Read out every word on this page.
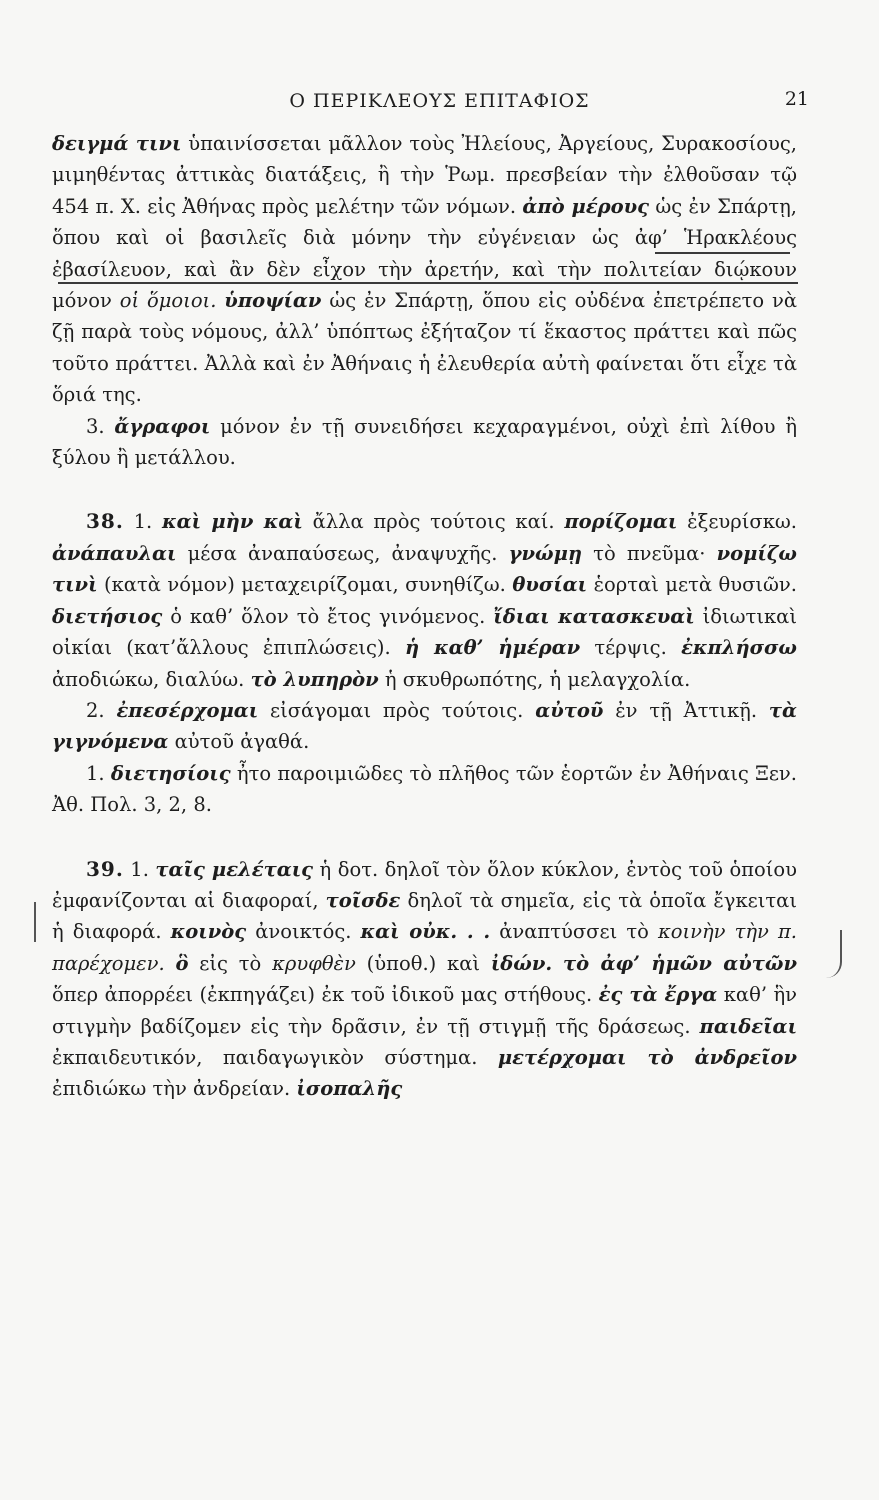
Ο ΠΕΡΙΚΛΕΟΥΣ ΕΠΙΤΑΦΙΟΣ	21

δειγμά τινι ὑπαινίσσεται μᾶλλον τοὺς Ἠλείους, Ἀργείους, Συρακοσίους, μιμηθέντας ἀττικὰς διατάξεις, ἢ τὴν Ῥωμ. πρεσβείαν τὴν ἐλθοῦσαν τῷ 454 π. Χ. εἰς Ἀθήνας πρὸς μελέτην τῶν νόμων. ἀπὸ μέρους ὡς ἐν Σπάρτῃ, ὅπου καὶ οἱ βασιλεῖς διὰ μόνην τὴν εὐγένειαν ὡς ἀφ’ Ἡρακλέους ἐβασίλευον, καὶ ἂν δὲν εἶχον τὴν ἀρετήν, καὶ τὴν πολιτείαν διῴκουν μόνον οἱ ὅμοιοι. ὑποψίαν ὡς ἐν Σπάρτῃ, ὅπου εἰς οὐδένα ἐπετρέπετο νὰ ζῇ παρὰ τοὺς νόμους, ἀλλ’ ὑπόπτως ἐξήταζον τί ἕκαστος πράττει καὶ πῶς τοῦτο πράττει. Ἀλλὰ καὶ ἐν Ἀθήναις ἡ ἐλευθερία αὐτὴ φαίνεται ὅτι εἶχε τὰ ὅριά της.

3. ἄγραφοι μόνον ἐν τῇ συνειδήσει κεχαραγμένοι, οὐχὶ ἐπὶ λίθου ἢ ξύλου ἢ μετάλλου.

38. 1. καὶ μὴν καὶ ἄλλα πρὸς τούτοις καί. πορίζομαι ἐξευρίσκω. ἀνάπαυλαι μέσα ἀναπαύσεως, ἀναψυχῆς. γνώμῃ τὸ πνεῦμα· νομίζω τινὶ (κατὰ νόμον) μεταχειρίζομαι, συνηθίζω. θυσίαι ἑορταὶ μετὰ θυσιῶν. διετήσιος ὁ καθ’ ὅλον τὸ ἔτος γινόμενος. ἴδιαι κατασκευαὶ ἰδιωτικαὶ οἰκίαι (κατ’ἄλλους ἐπιπλώσεις). ἡ καθ’ ἡμέραν τέρψις. ἐκπλήσσω ἀποδιώκω, διαλύω. τὸ λυπηρὸν ἡ σκυθρωπότης, ἡ μελαγχολία.

2. ἐπεσέρχομαι εἰσάγομαι πρὸς τούτοις. αὐτοῦ ἐν τῇ Ἀττικῇ. τὰ γιγνόμενα αὐτοῦ ἀγαθά.

1. διετησίοις ἦτο παροιμιῶδες τὸ πλῆθος τῶν ἑορτῶν ἐν Ἀθήναις Ξεν. Ἀθ. Πολ. 3, 2, 8.

39. 1. ταῖς μελέταις ἡ δοτ. δηλοῖ τὸν ὅλον κύκλον, ἐντὸς τοῦ ὁποίου ἐμφανίζονται αἱ διαφοραί, τοῖσδε δηλοῖ τὰ σημεῖα, εἰς τὰ ὁποῖα ἔγκειται ἡ διαφορά. κοινὸς ἀνοικτός. καὶ οὐκ. . . ἀναπτύσσει τὸ κοινὴν τὴν π. παρέχομεν. ὃ εἰς τὸ κρυφθὲν (ὑποθ.) καὶ ἰδών. τὸ ἀφ’ ἡμῶν αὐτῶν ὅπερ ἀπορρέει (ἐκπηγάζει) ἐκ τοῦ ἰδικοῦ μας στήθους. ἐς τὰ ἔργα καθ’ ἣν στιγμὴν βαδίζομεν εἰς τὴν δρᾶσιν, ἐν τῇ στιγμῇ τῆς δράσεως. παιδεῖαι ἐκπαιδευτικόν, παιδαγωγικὸν σύστημα. μετέρχομαι τὸ ἀνδρεῖον ἐπιδιώκω τὴν ἀνδρείαν. ἰσοπαλῆς
